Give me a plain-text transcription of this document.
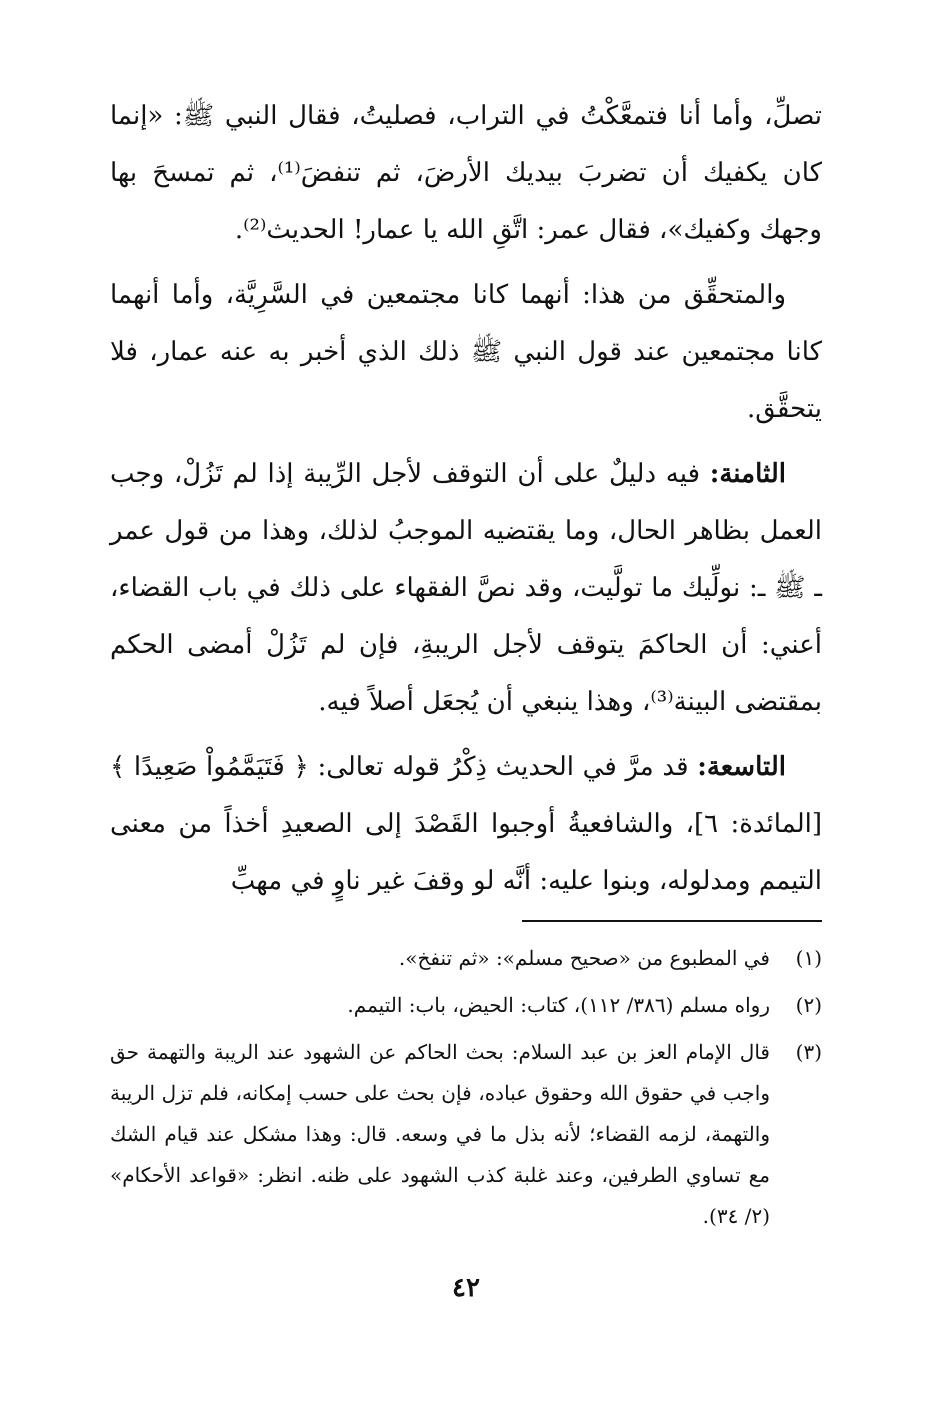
تصلِّ، وأما أنا فتمعَّكْتُ في التراب، فصليتُ، فقال النبي ﷺ: «إنما كان يكفيك أن تضربَ بيديك الأرضَ، ثم تنفضَ⁽¹⁾، ثم تمسحَ بها وجهك وكفيك»، فقال عمر: اتَّقِ الله يا عمار! الحديث⁽²⁾.

والمتحقِّق من هذا: أنهما كانا مجتمعين في السَّرِيَّة، وأما أنهما كانا مجتمعين عند قول النبي ﷺ ذلك الذي أخبر به عنه عمار، فلا يتحقَّق.

الثامنة: فيه دليلٌ على أن التوقف لأجل الرِّيبة إذا لم تَزُلْ، وجب العمل بظاهر الحال، وما يقتضيه الموجبُ لذلك، وهذا من قول عمر ـ ﷺ ـ: نولِّيك ما تولَّيت، وقد نصَّ الفقهاء على ذلك في باب القضاء، أعني: أن الحاكمَ يتوقف لأجل الريبةِ، فإن لم تَزُلْ أمضى الحكم بمقتضى البينة⁽³⁾، وهذا ينبغي أن يُجعَل أصلاً فيه.

التاسعة: قد مرَّ في الحديث ذِكْرُ قوله تعالى: ﴿ فَتَيَمَّمُواْ صَعِيدًا ﴾[المائدة: ٦]، والشافعيةُ أوجبوا القَصْدَ إلى الصعيدِ أخذاً من معنى التيمم ومدلوله، وبنوا عليه: أنَّه لو وقفَ غير ناوٍ في مهبِّ

(١)
في المطبوع من «صحيح مسلم»: «ثم تنفخ».
(٢)
رواه مسلم (٣٨٦/ ١١٢)، كتاب: الحيض، باب: التيمم.
(٣)
قال الإمام العز بن عبد السلام: بحث الحاكم عن الشهود عند الريبة والتهمة حق واجب في حقوق الله وحقوق عباده، فإن بحث على حسب إمكانه، فلم تزل الريبة والتهمة، لزمه القضاء؛ لأنه بذل ما في وسعه. قال: وهذا مشكل عند قيام الشك مع تساوي الطرفين، وعند غلبة كذب الشهود على ظنه. انظر: «قواعد الأحكام» (٢/ ٣٤).
٤٢
